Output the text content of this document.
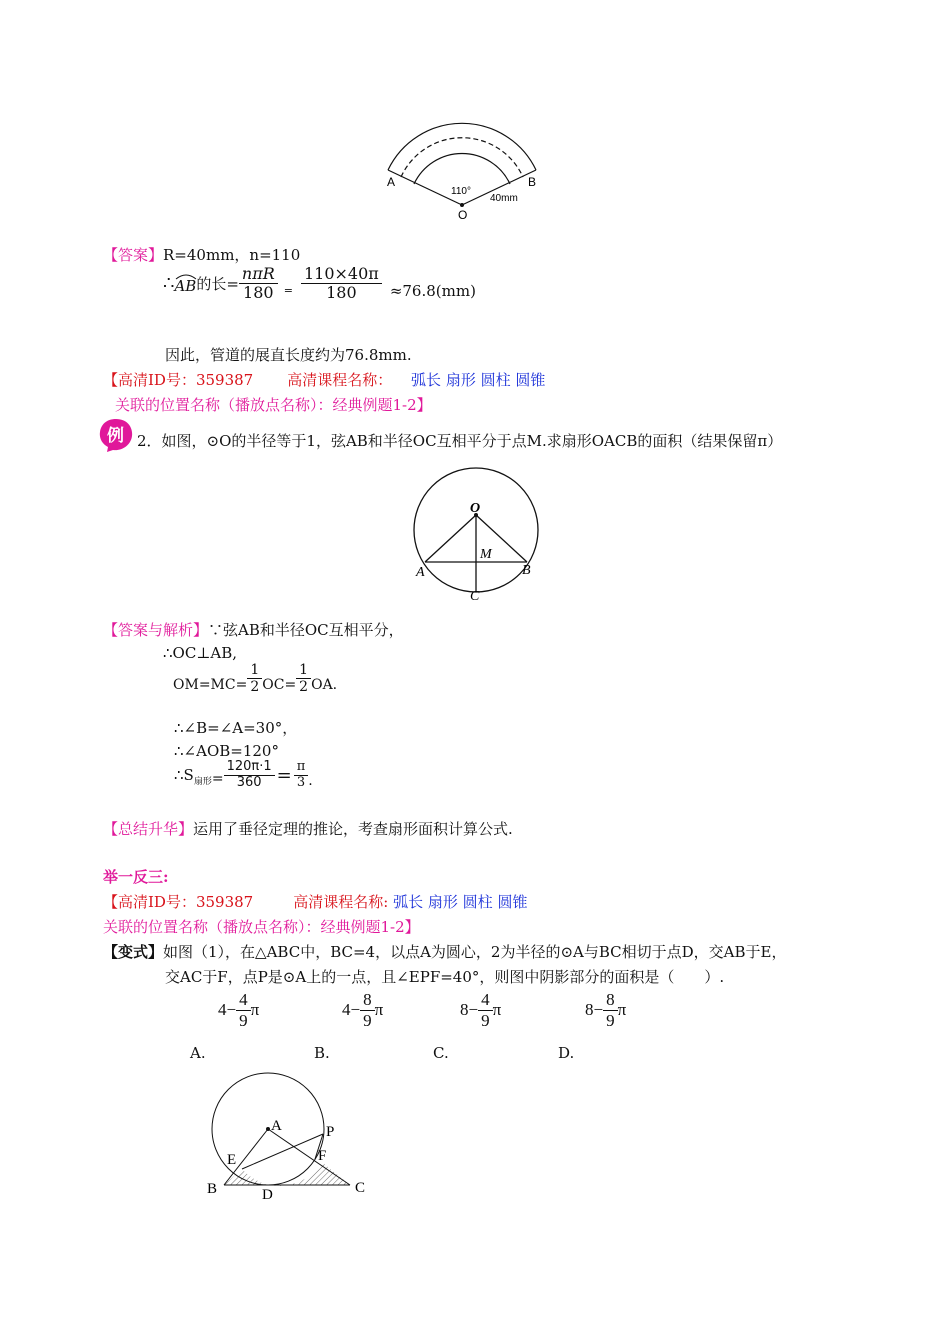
A	B
O
110°
40mm
【答案】R=40mm，n=110
∴ AB 的长= $\frac{\text{nπR}}{180} = \frac{110\times 40\pi}{180} \approx 76.8(mm)$
因此，管道的展直长度约为76.8mm.
【高清ID号：359387 高清课程名称： 弧长 扇形 圆柱 圆锥
关联的位置名称（播放点名称）：经典例题1-2】
例 2．如图，⊙O的半径等于1，弦AB和半径OC互相平分于点M.求扇形OACB的面积（结果保留π）
O
M
A	B
C
【答案与解析】∵弦AB和半径OC互相平分，
∴OC⊥AB,
$OM=MC= \frac{1}{2} OC= \frac{1}{2}$ OA.
∴∠B=∠A=30°，
∴∠AOB=120°
$\therefore S_{扇形} = \frac{120\pi\cdot 1}{360} = \frac{\pi}{3}$ .
【总结升华】运用了垂径定理的推论，考查扇形面积计算公式.
举一反三:
【高清ID号：359387	高清课程名称: 弧长 扇形 圆柱 圆锥
关联的位置名称（播放点名称）：经典例题1-2】
【变式】如图（1），在△ABC中，BC=4，以点A为圆心，2为半径的⊙A与BC相切于点D，交AB于E，
交AC于F，点P是⊙A上的一点，且∠EPF=40°，则图中阴影部分的面积是（　　）.
$4- \frac{4}{9}$ π	$4- \frac{8}{9}$ π	$8- \frac{4}{9}$ π	$8- \frac{8}{9}$ π
A.	B.	C.	D.
A	P
E	F
B	D	C
